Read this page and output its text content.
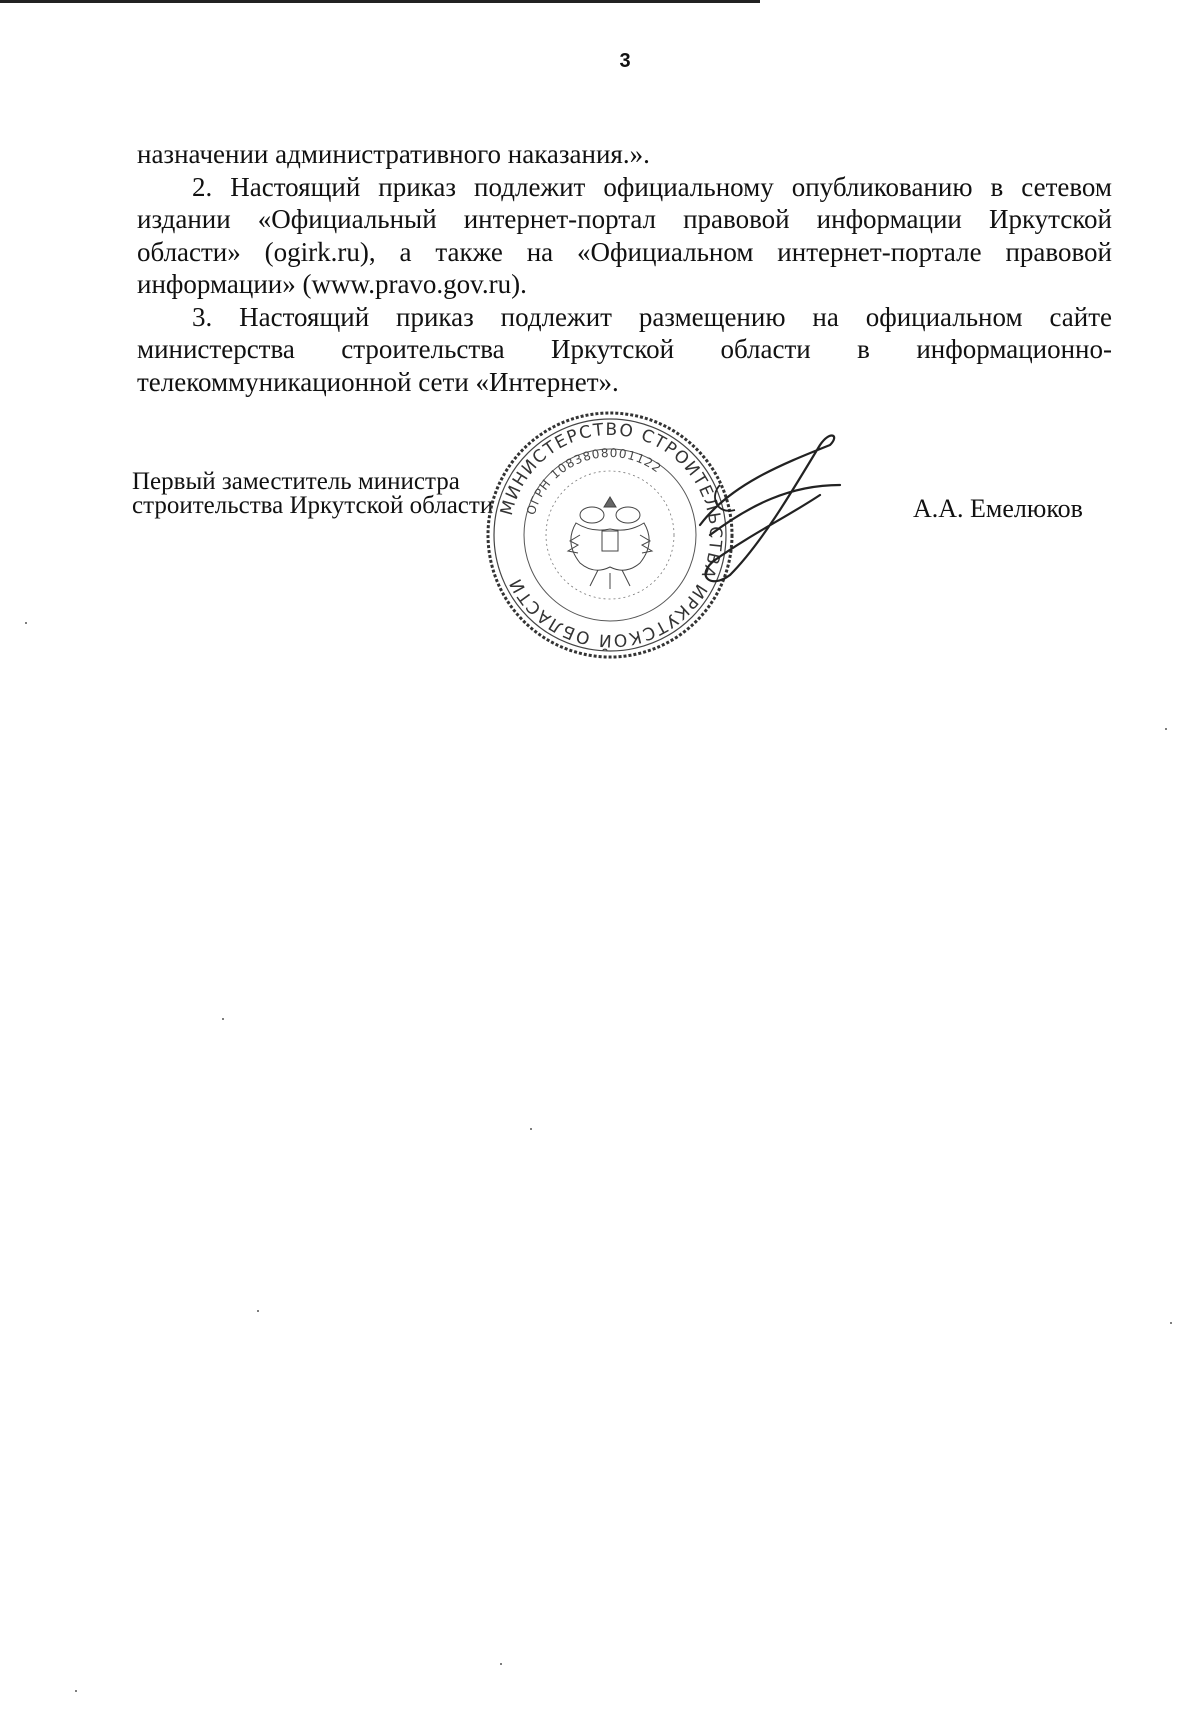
3

назначении административного наказания.».

2. Настоящий приказ подлежит официальному опубликованию в сетевом издании «Официальный интернет-портал правовой информации Иркутской области» (ogirk.ru), а также на «Официальном интернет-портале правовой информации» (www.pravo.gov.ru).

3. Настоящий приказ подлежит размещению на официальном сайте министерства строительства Иркутской области в информационно-телекоммуникационной сети «Интернет».

Первый заместитель министра
строительства Иркутской области	А.А. Емелюков
МИНИСТЕРСТВО СТРОИТЕЛЬСТВА ИРКУТСКОЙ ОБЛАСТИ
ОГРН 1083808001122
